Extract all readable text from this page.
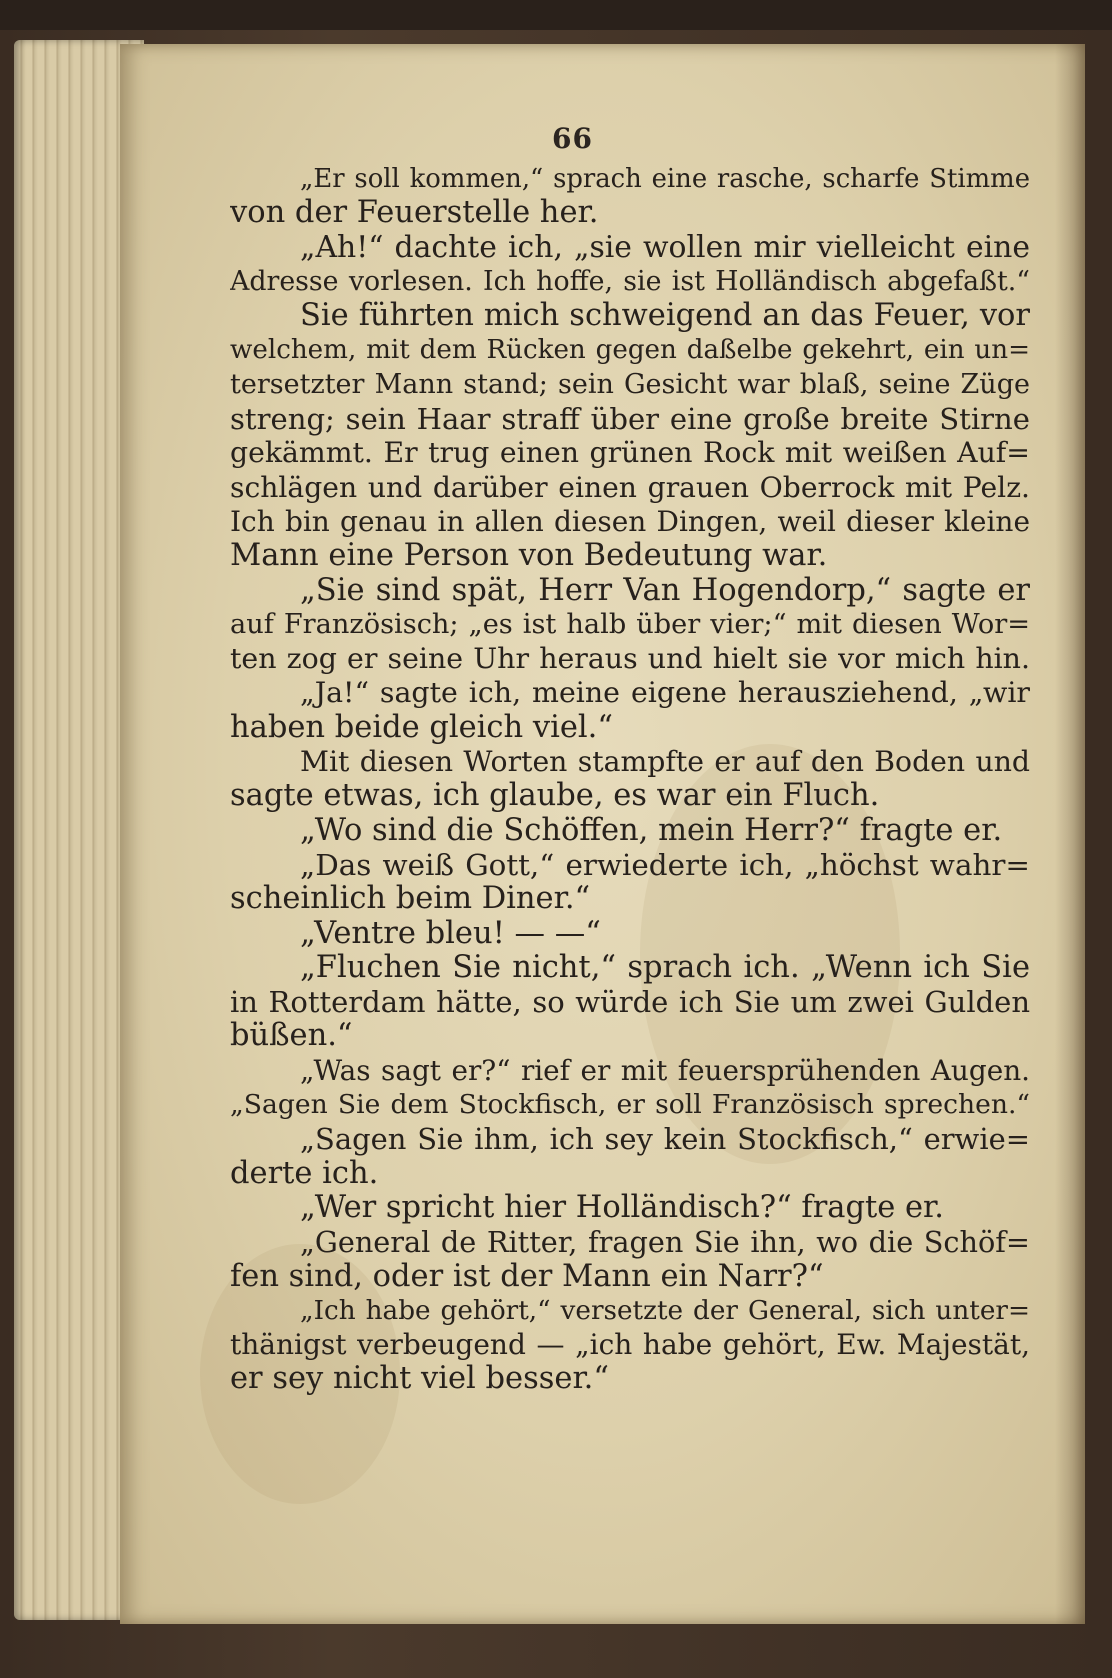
66
„Er soll kommen,“ sprach eine rasche, scharfe Stimme
von der Feuerstelle her.
„Ah!“ dachte ich, „sie wollen mir vielleicht eine
Adresse vorlesen. Ich hoffe, sie ist Holländisch abgefaßt.“
Sie führten mich schweigend an das Feuer, vor
welchem, mit dem Rücken gegen daßelbe gekehrt, ein un=
tersetzter Mann stand; sein Gesicht war blaß, seine Züge
streng; sein Haar straff über eine große breite Stirne
gekämmt. Er trug einen grünen Rock mit weißen Auf=
schlägen und darüber einen grauen Oberrock mit Pelz.
Ich bin genau in allen diesen Dingen, weil dieser kleine
Mann eine Person von Bedeutung war.
„Sie sind spät, Herr Van Hogendorp,“ sagte er
auf Französisch; „es ist halb über vier;“ mit diesen Wor=
ten zog er seine Uhr heraus und hielt sie vor mich hin.
„Ja!“ sagte ich, meine eigene herausziehend, „wir
haben beide gleich viel.“
Mit diesen Worten stampfte er auf den Boden und
sagte etwas, ich glaube, es war ein Fluch.
„Wo sind die Schöffen, mein Herr?“ fragte er.
„Das weiß Gott,“ erwiederte ich, „höchst wahr=
scheinlich beim Diner.“
„Ventre bleu! — —“
„Fluchen Sie nicht,“ sprach ich. „Wenn ich Sie
in Rotterdam hätte, so würde ich Sie um zwei Gulden
büßen.“
„Was sagt er?“ rief er mit feuersprühenden Augen.
„Sagen Sie dem Stockfisch, er soll Französisch sprechen.“
„Sagen Sie ihm, ich sey kein Stockfisch,“ erwie=
derte ich.
„Wer spricht hier Holländisch?“ fragte er.
„General de Ritter, fragen Sie ihn, wo die Schöf=
fen sind, oder ist der Mann ein Narr?“
„Ich habe gehört,“ versetzte der General, sich unter=
thänigst verbeugend — „ich habe gehört, Ew. Majestät,
er sey nicht viel besser.“
